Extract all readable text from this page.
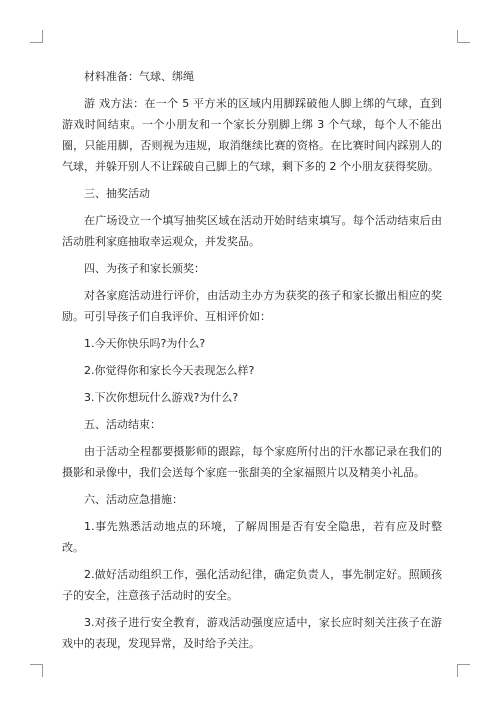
材料准备：气球、绑绳

游 戏方法：在一个 5 平方米的区域内用脚踩破他人脚上绑的气球，直到游戏时间结束。一个小朋友和一个家长分别脚上绑 3 个气球，每个人不能出圈，只能用脚，否则视为违规，取消继续比赛的资格。在比赛时间内踩别人的气球，并躲开别人不让踩破自己脚上的气球，剩下多的 2 个小朋友获得奖励。

三、抽奖活动

在广场设立一个填写抽奖区域在活动开始时结束填写。每个活动结束后由活动胜利家庭抽取幸运观众，并发奖品。

四、为孩子和家长颁奖：

对各家庭活动进行评价，由活动主办方为获奖的孩子和家长撤出相应的奖励。可引导孩子们自我评价、互相评价如：

1.今天你快乐吗?为什么?

2.你觉得你和家长今天表现怎么样?

3.下次你想玩什么游戏?为什么?

五、活动结束：

由于活动全程都要摄影师的跟踪，每个家庭所付出的汗水都记录在我们的摄影和录像中，我们会送每个家庭一张甜美的全家福照片以及精美小礼品。

六、活动应急措施：

1.事先熟悉活动地点的环境，了解周围是否有安全隐患，若有应及时整改。

2.做好活动组织工作，强化活动纪律，确定负责人，事先制定好。照顾孩子的安全，注意孩子活动时的安全。

3.对孩子进行安全教育，游戏活动强度应适中，家长应时刻关注孩子在游戏中的表现，发现异常，及时给予关注。
